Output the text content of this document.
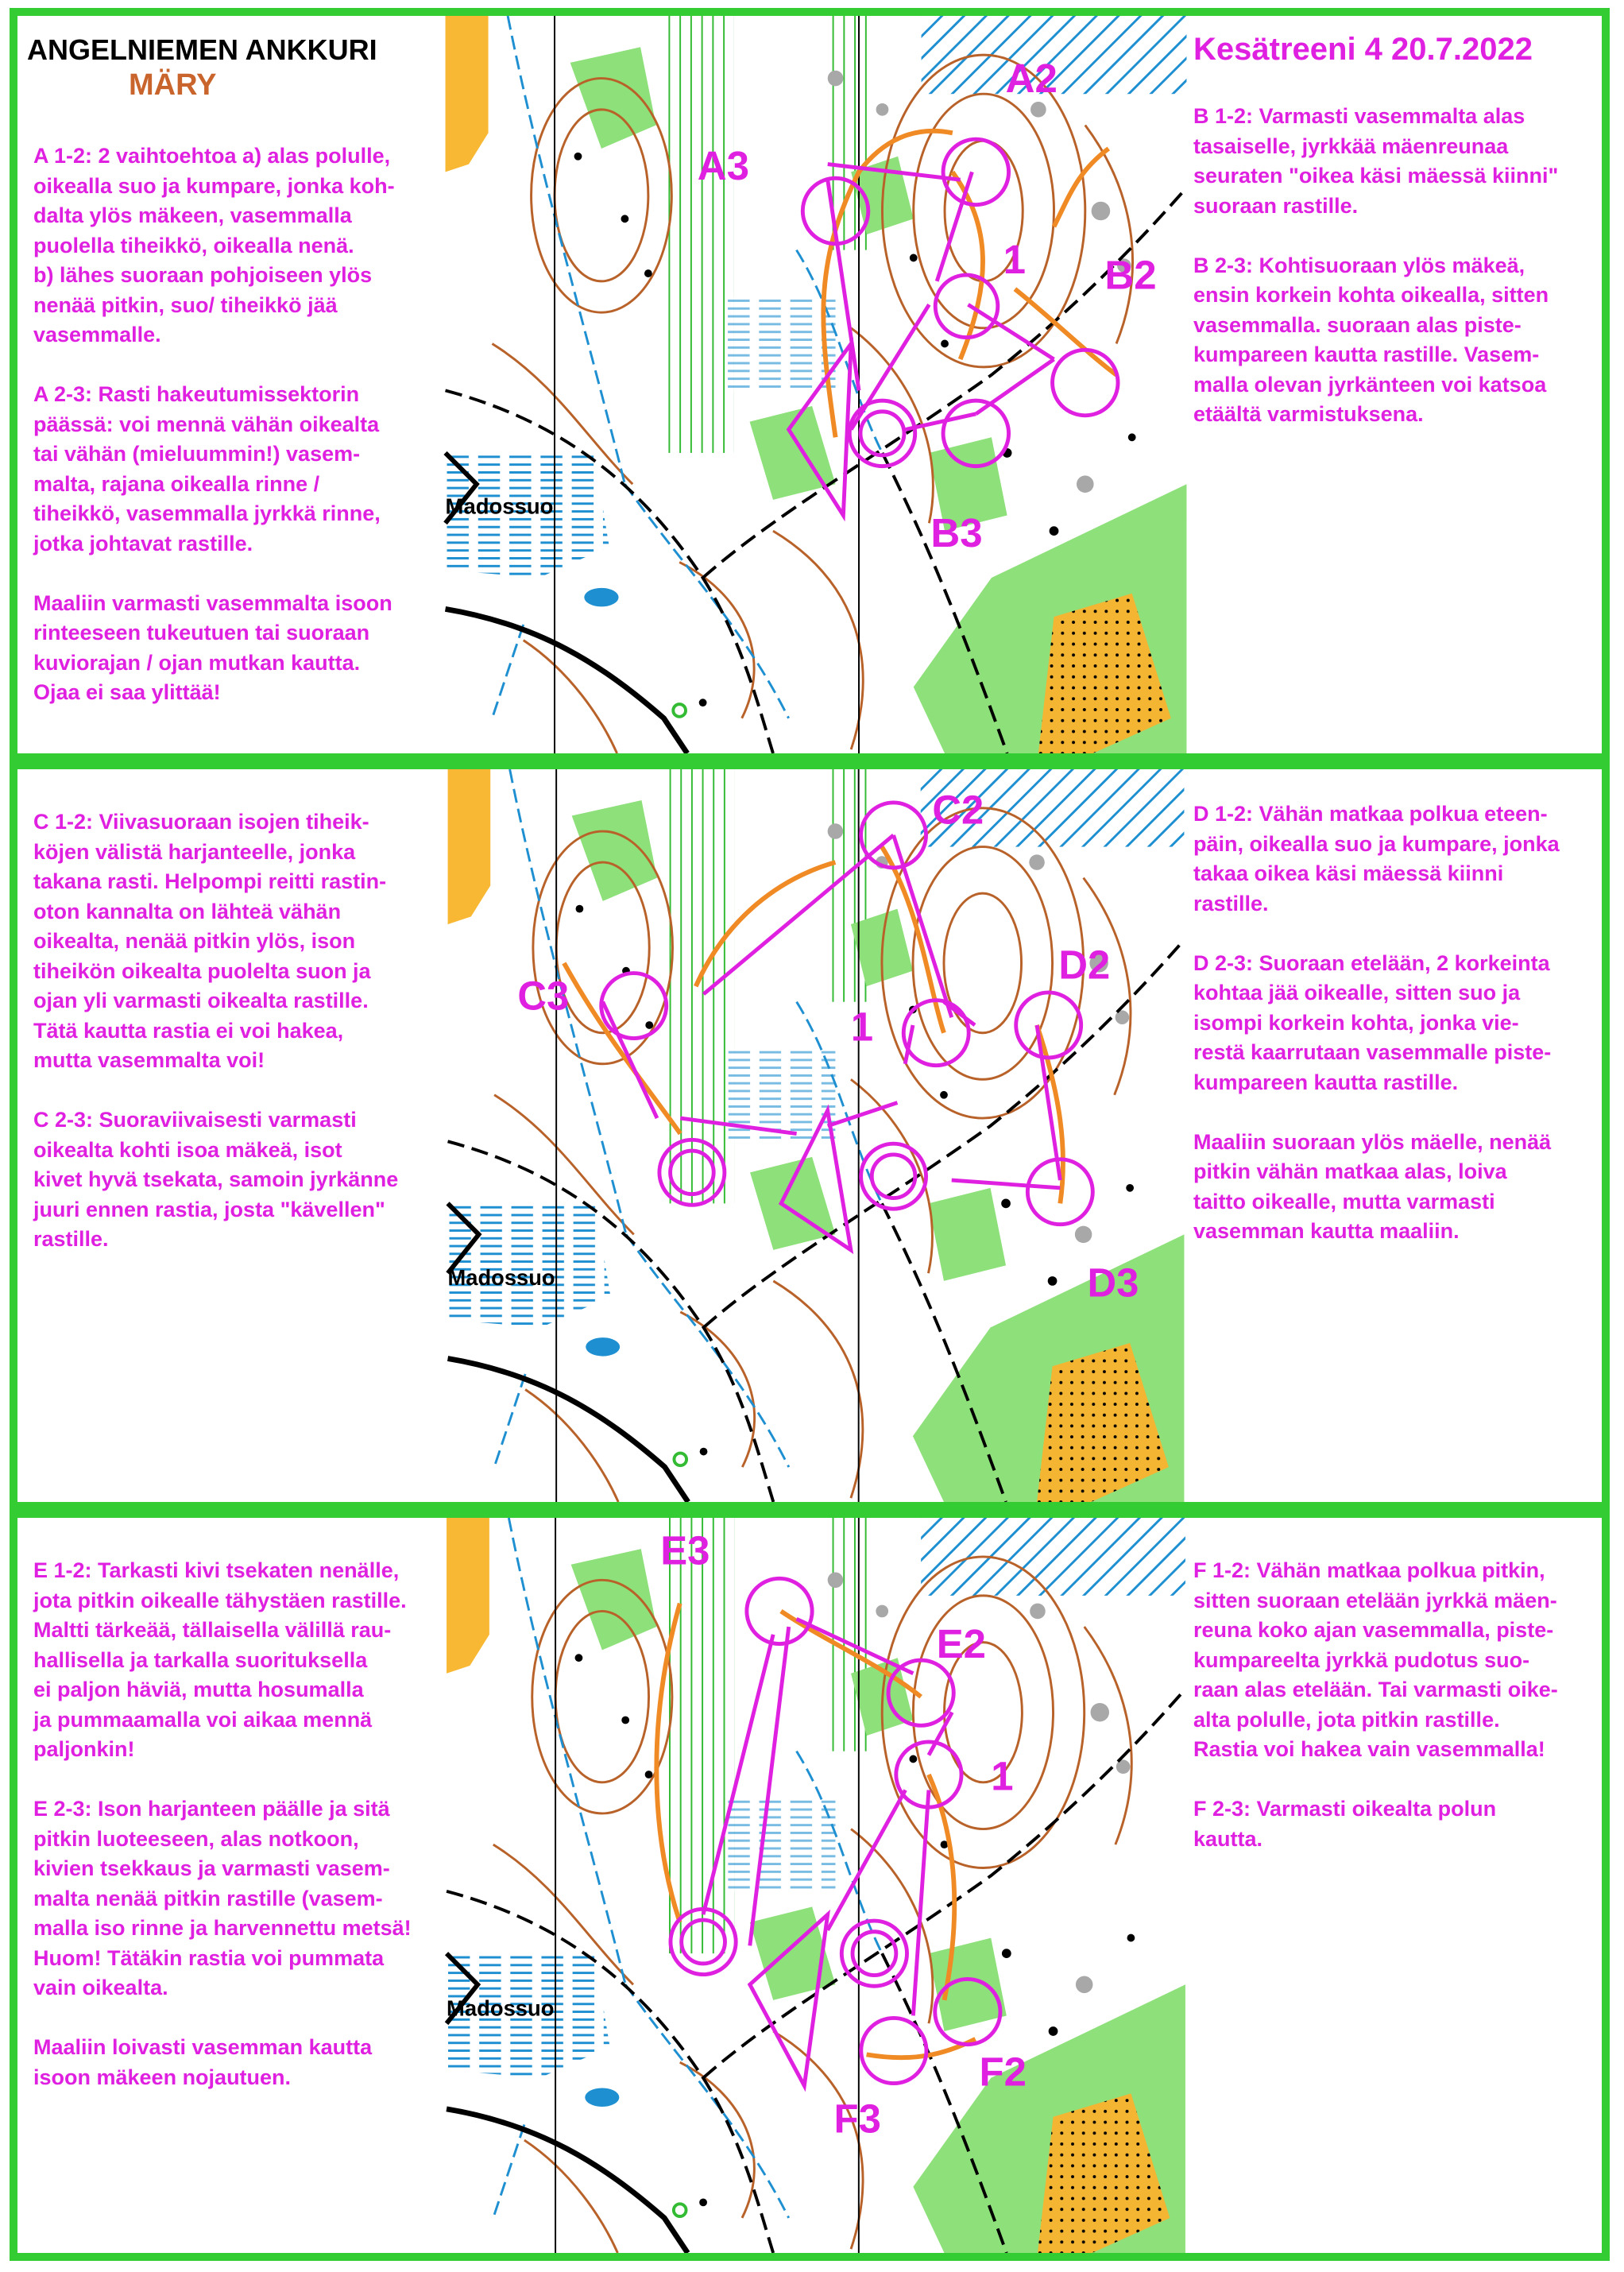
Madossuo
A2
A3
B2
B3
1
ANGELNIEMEN ANKKURI
MÄRY
Kesätreeni 4 20.7.2022
A 1-2: 2 vaihtoehtoa a) alas polulle,
oikealla suo ja kumpare, jonka koh-
dalta ylös mäkeen, vasemmalla
puolella tiheikkö, oikealla nenä.
b) lähes suoraan pohjoiseen ylös
nenää pitkin, suo/ tiheikkö jää
vasemmalle.

A 2-3: Rasti hakeutumissektorin
päässä: voi mennä vähän oikealta
tai vähän (mieluummin!) vasem-
malta, rajana oikealla rinne /
tiheikkö, vasemmalla jyrkkä rinne,
jotka johtavat rastille.

Maaliin varmasti vasemmalta isoon
rinteeseen tukeutuen tai suoraan
kuviorajan / ojan mutkan kautta.
Ojaa ei saa ylittää!
B 1-2: Varmasti vasemmalta alas
tasaiselle, jyrkkää mäenreunaa
seuraten "oikea käsi mäessä kiinni"
suoraan rastille.

B 2-3: Kohtisuoraan ylös mäkeä,
ensin korkein kohta oikealla, sitten
vasemmalla. suoraan alas piste-
kumpareen kautta rastille. Vasem-
malla olevan jyrkänteen voi katsoa
etäältä varmistuksena.
Madossuo
C2
C3
D2
D3
1
C 1-2: Viivasuoraan isojen tiheik-
köjen välistä harjanteelle, jonka
takana rasti. Helpompi reitti rastin-
oton kannalta on lähteä vähän
oikealta, nenää pitkin ylös, ison
tiheikön oikealta puolelta suon ja
ojan yli varmasti oikealta rastille.
Tätä kautta rastia ei voi hakea,
mutta vasemmalta voi!

C 2-3: Suoraviivaisesti varmasti
oikealta kohti isoa mäkeä, isot
kivet hyvä tsekata, samoin jyrkänne
juuri ennen rastia, josta "kävellen"
rastille.
D 1-2: Vähän matkaa polkua eteen-
päin, oikealla suo ja kumpare, jonka
takaa oikea käsi mäessä kiinni
rastille.

D 2-3: Suoraan etelään, 2 korkeinta
kohtaa jää oikealle, sitten suo ja
isompi korkein kohta, jonka vie-
restä kaarrutaan vasemmalle piste-
kumpareen kautta rastille.

Maaliin suoraan ylös mäelle, nenää
pitkin vähän matkaa alas, loiva
taitto oikealle, mutta varmasti
vasemman kautta maaliin.
Madossuo
E2
E3
F2
F3
1
E 1-2: Tarkasti kivi tsekaten nenälle,
jota pitkin oikealle tähystäen rastille.
Maltti tärkeää, tällaisella välillä rau-
hallisella ja tarkalla suorituksella
ei paljon häviä, mutta hosumalla
ja pummaamalla voi aikaa mennä
paljonkin!

E 2-3: Ison harjanteen päälle ja sitä
pitkin luoteeseen, alas notkoon,
kivien tsekkaus ja varmasti vasem-
malta nenää pitkin rastille (vasem-
malla iso rinne ja harvennettu metsä!
Huom! Tätäkin rastia voi pummata
vain oikealta.

Maaliin loivasti vasemman kautta
isoon mäkeen nojautuen.
F 1-2: Vähän matkaa polkua pitkin,
sitten suoraan etelään jyrkkä mäen-
reuna koko ajan vasemmalla, piste-
kumpareelta jyrkkä pudotus suo-
raan alas etelään. Tai varmasti oike-
alta polulle, jota pitkin rastille.
Rastia voi hakea vain vasemmalla!

F 2-3: Varmasti oikealta polun
kautta.
